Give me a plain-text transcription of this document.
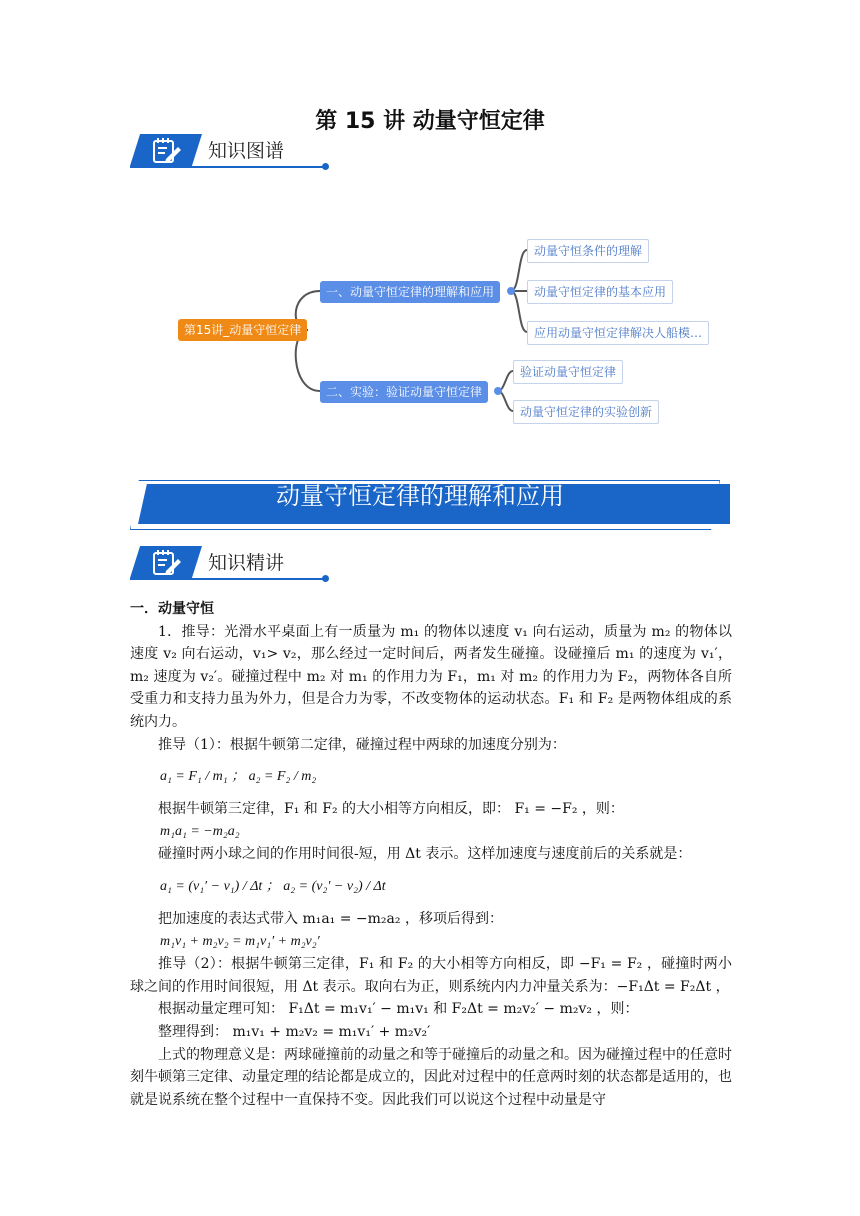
第 15 讲 动量守恒定律
知识图谱
第15讲_动量守恒定律
一、动量守恒定律的理解和应用
二、实验：验证动量守恒定律
动量守恒条件的理解
动量守恒定律的基本应用
应用动量守恒定律解决人船模…
验证动量守恒定律
动量守恒定律的实验创新
动量守恒定律的理解和应用
知识精讲

一．动量守恒

1．推导：光滑水平桌面上有一质量为 m₁ 的物体以速度 v₁ 向右运动，质量为 m₂ 的物体以速度 v₂ 向右运动，v₁> v₂，那么经过一定时间后，两者发生碰撞。设碰撞后 m₁ 的速度为 v₁′，m₂ 速度为 v₂′。碰撞过程中 m₂ 对 m₁ 的作用力为 F₁，m₁ 对 m₂ 的作用力为 F₂，两物体各自所受重力和支持力虽为外力，但是合力为零，不改变物体的运动状态。F₁ 和 F₂ 是两物体组成的系统内力。

推导（1）：根据牛顿第二定律，碰撞过程中两球的加速度分别为：

a₁ = F₁ / m₁ ； a₂ = F₂ / m₂

根据牛顿第三定律，F₁ 和 F₂ 的大小相等方向相反，即： F₁ = −F₂ ，则：

m₁a₁ = −m₂a₂

碰撞时两小球之间的作用时间很-短，用 Δt 表示。这样加速度与速度前后的关系就是：

a₁ = (v₁′ − v₁) / Δt ； a₂ = (v₂′ − v₂) / Δt

把加速度的表达式带入 m₁a₁ = −m₂a₂ ，移项后得到：

m₁v₁ + m₂v₂ = m₁v₁′ + m₂v₂′

推导（2）：根据牛顿第三定律，F₁ 和 F₂ 的大小相等方向相反，即 −F₁ = F₂ ，碰撞时两小球之间的作用时间很短，用 Δt 表示。取向右为正，则系统内内力冲量关系为：−F₁Δt = F₂Δt ，

根据动量定理可知： F₁Δt = m₁v₁′ − m₁v₁ 和 F₂Δt = m₂v₂′ − m₂v₂ ，则：

整理得到： m₁v₁ + m₂v₂ = m₁v₁′ + m₂v₂′

上式的物理意义是：两球碰撞前的动量之和等于碰撞后的动量之和。因为碰撞过程中的任意时刻牛顿第三定律、动量定理的结论都是成立的，因此对过程中的任意两时刻的状态都是适用的，也就是说系统在整个过程中一直保持不变。因此我们可以说这个过程中动量是守
